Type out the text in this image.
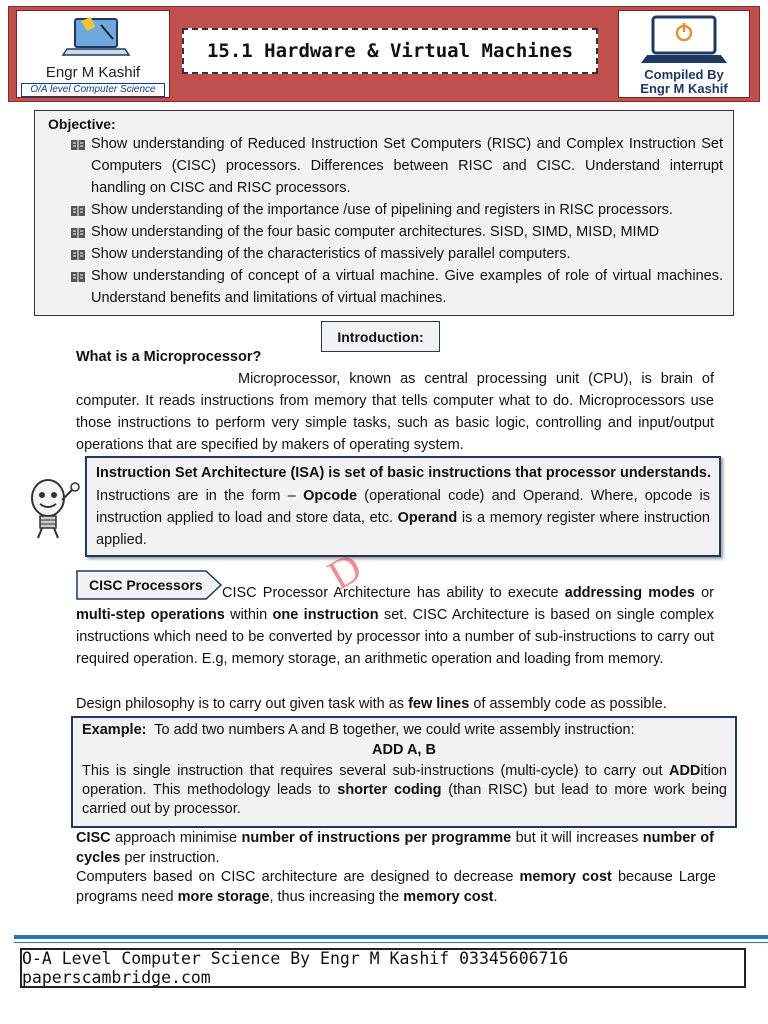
Engr M Kashif
O/A level Computer Science
15.1 Hardware & Virtual Machines
Compiled By
Engr M Kashif
Objective:
Show understanding of Reduced Instruction Set Computers (RISC) and Complex Instruction Set Computers (CISC) processors. Differences between RISC and CISC. Understand interrupt handling on CISC and RISC processors.
Show understanding of the importance /use of pipelining and registers in RISC processors.
Show understanding of the four basic computer architectures. SISD, SIMD, MISD, MIMD
Show understanding of the characteristics of massively parallel computers.
Show understanding of concept of a virtual machine. Give examples of role of virtual machines. Understand benefits and limitations of virtual machines.
Introduction:
What is a Microprocessor?
Microprocessor, known as central processing unit (CPU), is brain of computer. It reads instructions from memory that tells computer what to do. Microprocessors use those instructions to perform very simple tasks, such as basic logic, controlling and input/output operations that are specified by makers of operating system.
Instruction Set Architecture (ISA) is set of basic instructions that processor understands.
Instructions are in the form – Opcode (operational code) and Operand. Where, opcode is instruction applied to load and store data, etc. Operand is a memory register where instruction applied.
D
CISC Processors	CISC Processor Architecture has ability to execute addressing modes or multi-step operations within one instruction set. CISC Architecture is based on single complex instructions which need to be converted by processor into a number of sub-instructions to carry out required operation. E.g, memory storage, an arithmetic operation and loading from memory.
Design philosophy is to carry out given task with as few lines of assembly code as possible.
Example: To add two numbers A and B together, we could write assembly instruction:
ADD A, B
This is single instruction that requires several sub-instructions (multi-cycle) to carry out ADDition operation. This methodology leads to shorter coding (than RISC) but lead to more work being carried out by processor.
CISC approach minimise number of instructions per programme but it will increases number of cycles per instruction.
Computers based on CISC architecture are designed to decrease memory cost because Large programs need more storage, thus increasing the memory cost.
O-A Level Computer Science By Engr M Kashif 03345606716 paperscambridge.com
